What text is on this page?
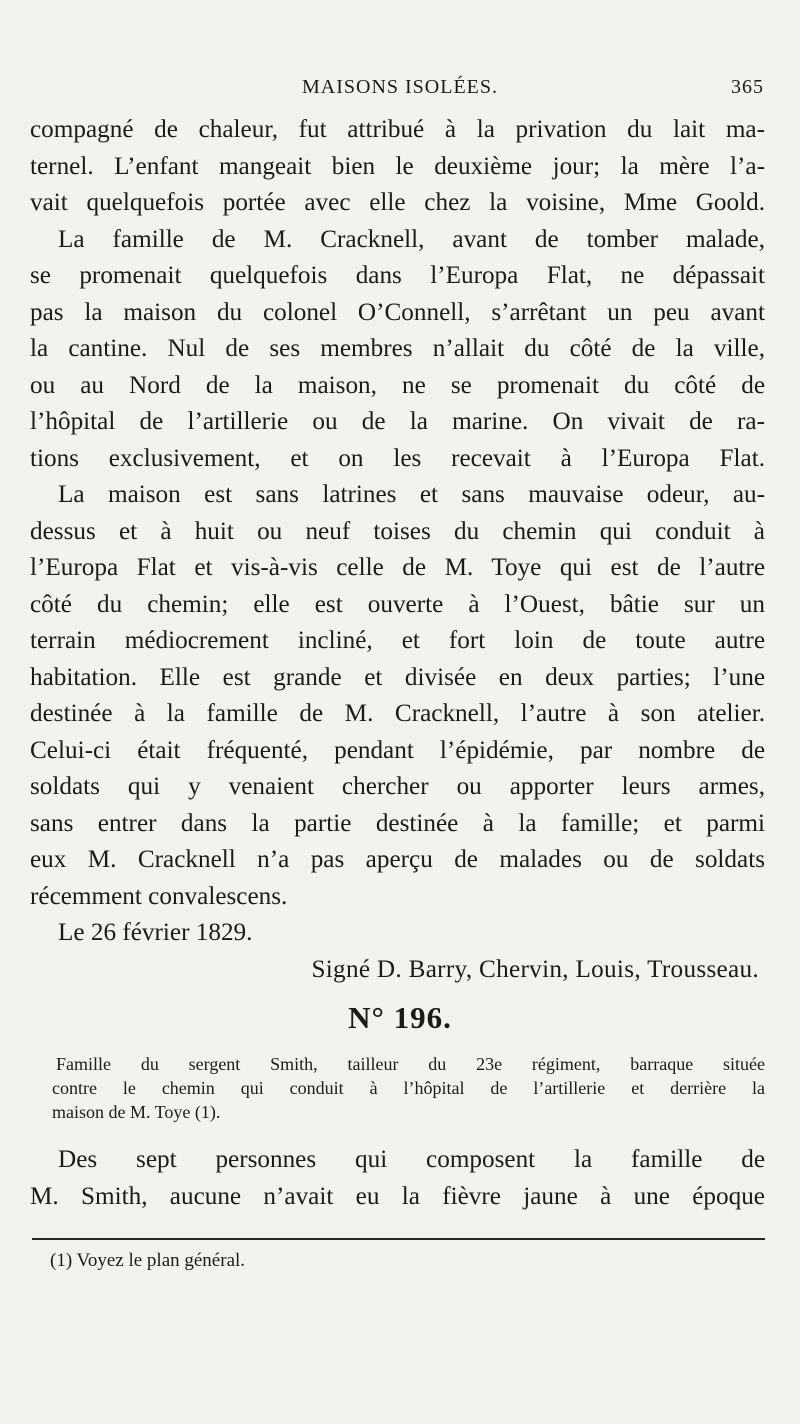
MAISONS ISOLÉES.	365
compagné de chaleur, fut attribué à la privation du lait ma-
ternel. L’enfant mangeait bien le deuxième jour; la mère l’a-
vait quelquefois portée avec elle chez la voisine, Mme Goold.
La famille de M. Cracknell, avant de tomber malade,
se promenait quelquefois dans l’Europa Flat, ne dépassait
pas la maison du colonel O’Connell, s’arrêtant un peu avant
la cantine. Nul de ses membres n’allait du côté de la ville,
ou au Nord de la maison, ne se promenait du côté de
l’hôpital de l’artillerie ou de la marine. On vivait de ra-
tions exclusivement, et on les recevait à l’Europa Flat.
La maison est sans latrines et sans mauvaise odeur, au-
dessus et à huit ou neuf toises du chemin qui conduit à
l’Europa Flat et vis-à-vis celle de M. Toye qui est de l’autre
côté du chemin; elle est ouverte à l’Ouest, bâtie sur un
terrain médiocrement incliné, et fort loin de toute autre
habitation. Elle est grande et divisée en deux parties; l’une
destinée à la famille de M. Cracknell, l’autre à son atelier.
Celui-ci était fréquenté, pendant l’épidémie, par nombre de
soldats qui y venaient chercher ou apporter leurs armes,
sans entrer dans la partie destinée à la famille; et parmi
eux M. Cracknell n’a pas aperçu de malades ou de soldats
récemment convalescens.
Le 26 février 1829.
Signé D. Barry, Chervin, Louis, Trousseau.
N° 196.
Famille du sergent Smith, tailleur du 23e régiment, barraque située
contre le chemin qui conduit à l’hôpital de l’artillerie et derrière la
maison de M. Toye (1).
Des sept personnes qui composent la famille de
M. Smith, aucune n’avait eu la fièvre jaune à une époque
(1) Voyez le plan général.
